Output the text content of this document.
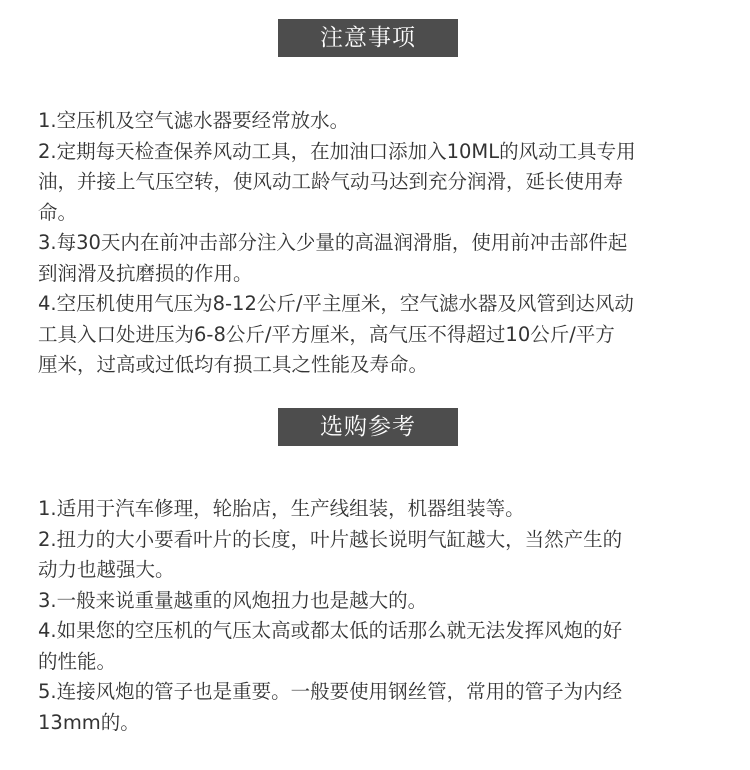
注意事项
1.空压机及空气滤水器要经常放水。
2.定期每天检查保养风动工具，在加油口添加入10ML的风动工具专用
油，并接上气压空转，使风动工龄气动马达到充分润滑，延长使用寿
命。
3.每30天内在前冲击部分注入少量的高温润滑脂，使用前冲击部件起
到润滑及抗磨损的作用。
4.空压机使用气压为8-12公斤/平主厘米，空气滤水器及风管到达风动
工具入口处进压为6-8公斤/平方厘米，高气压不得超过10公斤/平方
厘米，过高或过低均有损工具之性能及寿命。
选购参考
1.适用于汽车修理，轮胎店，生产线组装，机器组装等。
2.扭力的大小要看叶片的长度，叶片越长说明气缸越大，当然产生的
动力也越强大。
3.一般来说重量越重的风炮扭力也是越大的。
4.如果您的空压机的气压太高或都太低的话那么就无法发挥风炮的好
的性能。
5.连接风炮的管子也是重要。一般要使用钢丝管，常用的管子为内经
13mm的。
